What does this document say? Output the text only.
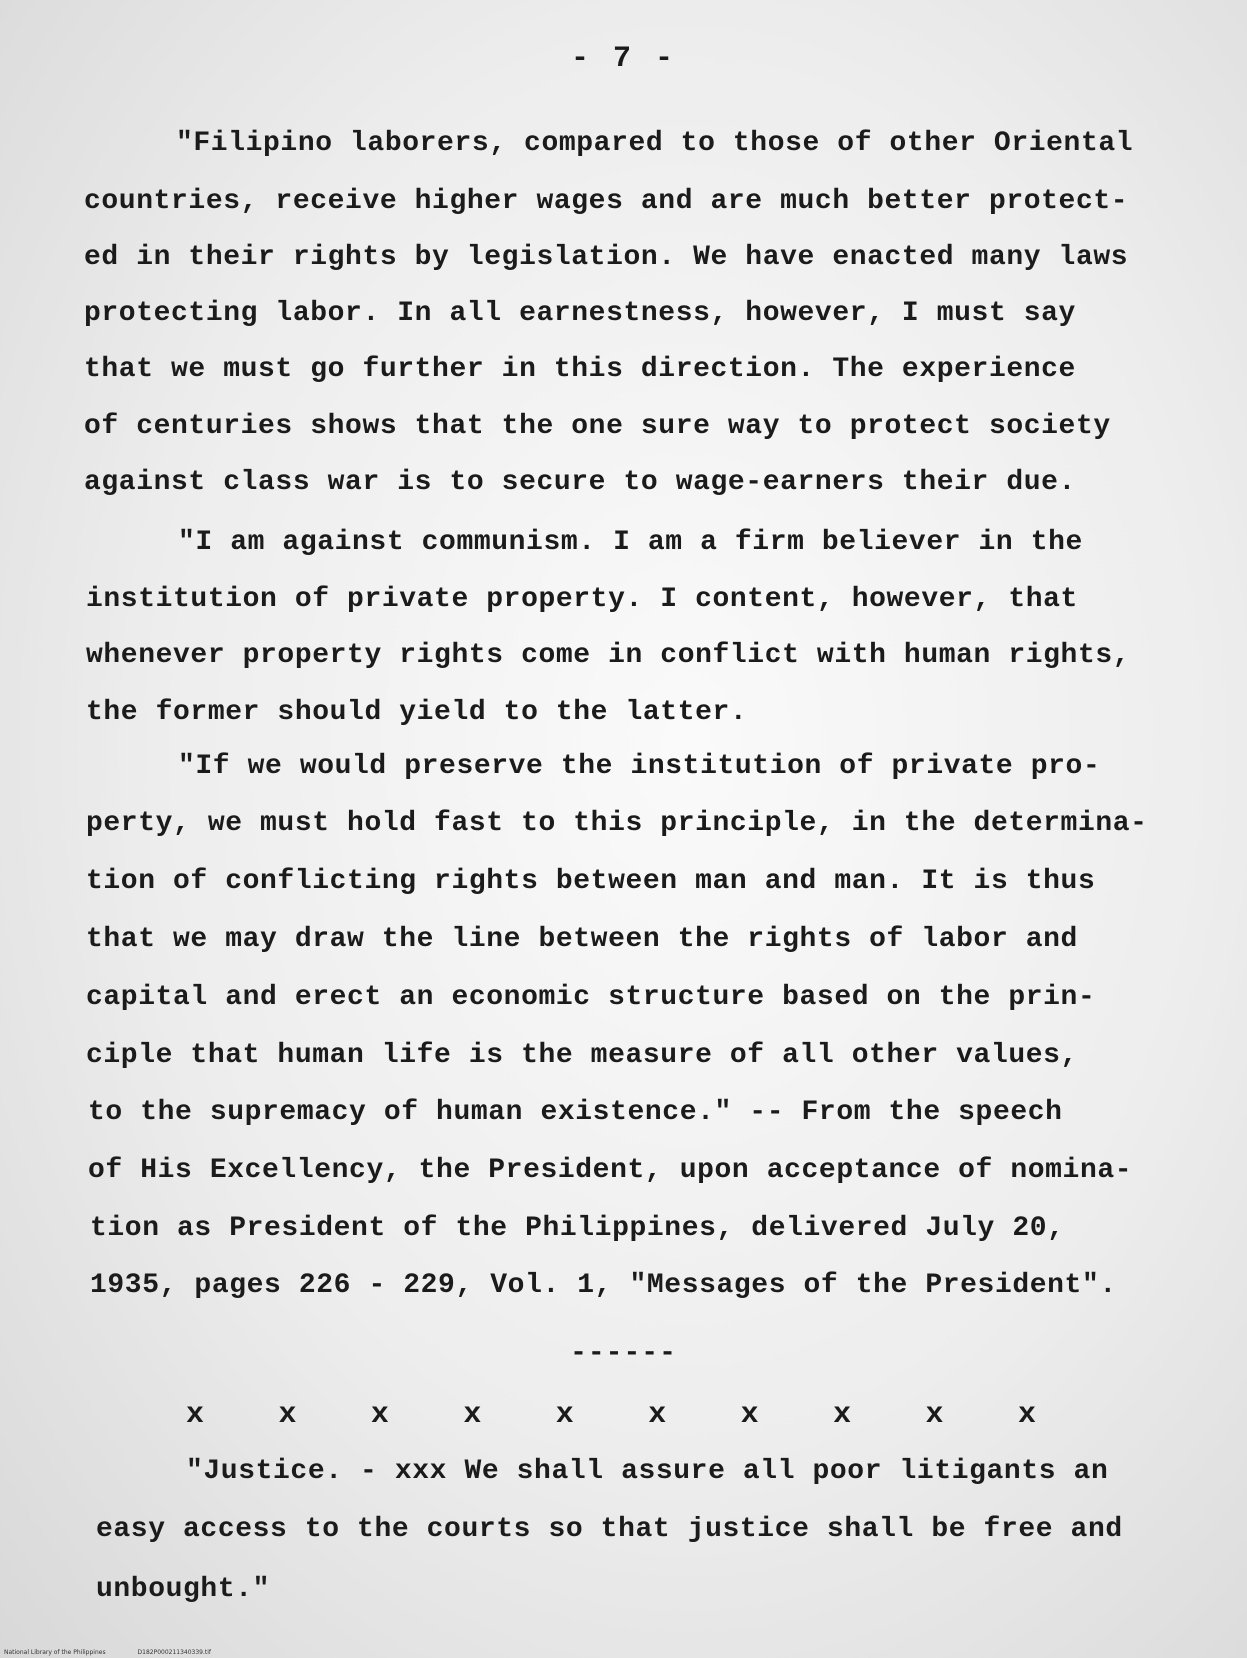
- 7 -
"Filipino laborers, compared to those of other Oriental
countries, receive higher wages and are much better protect-
ed in their rights by legislation. We have enacted many laws
protecting labor. In all earnestness, however, I must say
that we must go further in this direction. The experience
of centuries shows that the one sure way to protect society
against class war is to secure to wage-earners their due.
"I am against communism. I am a firm believer in the
institution of private property. I content, however, that
whenever property rights come in conflict with human rights,
the former should yield to the latter.
"If we would preserve the institution of private pro-
perty, we must hold fast to this principle, in the determina-
tion of conflicting rights between man and man. It is thus
that we may draw the line between the rights of labor and
capital and erect an economic structure based on the prin-
ciple that human life is the measure of all other values,
to the supremacy of human existence." -- From the speech
of His Excellency, the President, upon acceptance of nomina-
tion as President of the Philippines, delivered July 20,
1935, pages 226 - 229, Vol. 1, "Messages of the President".
------
x x x x x x x x x x
"Justice. - xxx We shall assure all poor litigants an
easy access to the courts so that justice shall be free and
unbought."
National Library of the Philippines	D182P000211340339.tif
